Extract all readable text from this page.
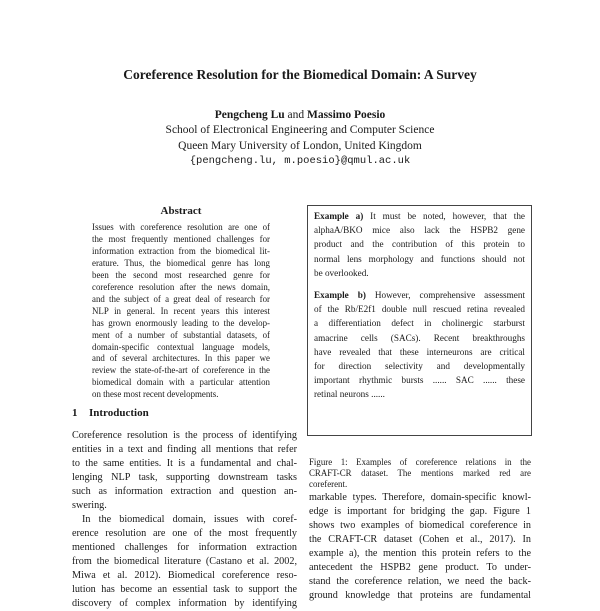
Coreference Resolution for the Biomedical Domain: A Survey
Pengcheng Lu and Massimo Poesio
School of Electronical Engineering and Computer Science
Queen Mary University of London, United Kingdom
{pengcheng.lu, m.poesio}@qmul.ac.uk
Abstract
Issues with coreference resolution are one of
the most frequently mentioned challenges for
information extraction from the biomedical lit-
erature. Thus, the biomedical genre has long
been the second most researched genre for
coreference resolution after the news domain,
and the subject of a great deal of research for
NLP in general. In recent years this interest
has grown enormously leading to the develop-
ment of a number of substantial datasets, of
domain-specific contextual language models,
and of several architectures. In this paper we
review the state-of-the-art of coreference in the
biomedical domain with a particular attention
on these most recent developments.
1 Introduction
Coreference resolution is the process of identifying
entities in a text and finding all mentions that refer
to the same entities. It is a fundamental and chal-
lenging NLP task, supporting downstream tasks
such as information extraction and question an-
swering.
In the biomedical domain, issues with coref-
erence resolution are one of the most frequently
mentioned challenges for information extraction
from the biomedical literature (Castano et al. 2002,
Miwa et al. 2012). Biomedical coreference reso-
lution has become an essential task to support the
discovery of complex information by identifying
Example a) It must be noted, however, that the
alphaA/BKO mice also lack the HSPB2 gene
product and the contribution of this protein to
normal lens morphology and functions should not
be overlooked.
Example b) However, comprehensive assessment
of the Rb/E2f1 double null rescued retina revealed
a differentiation defect in cholinergic starburst
amacrine cells (SACs). Recent breakthroughs
have revealed that these interneurons are critical
for direction selectivity and developmentally
important rhythmic bursts ...... SAC ...... these
retinal neurons ......
Figure 1: Examples of coreference relations in the
CRAFT-CR dataset. The mentions marked red are
coreferent.
markable types. Therefore, domain-specific knowl-
edge is important for bridging the gap. Figure 1
shows two examples of biomedical coreference in
the CRAFT-CR dataset (Cohen et al., 2017). In
example a), the mention this protein refers to the
antecedent the HSPB2 gene product. To under-
stand the coreference relation, we need the back-
ground knowledge that proteins are fundamental
